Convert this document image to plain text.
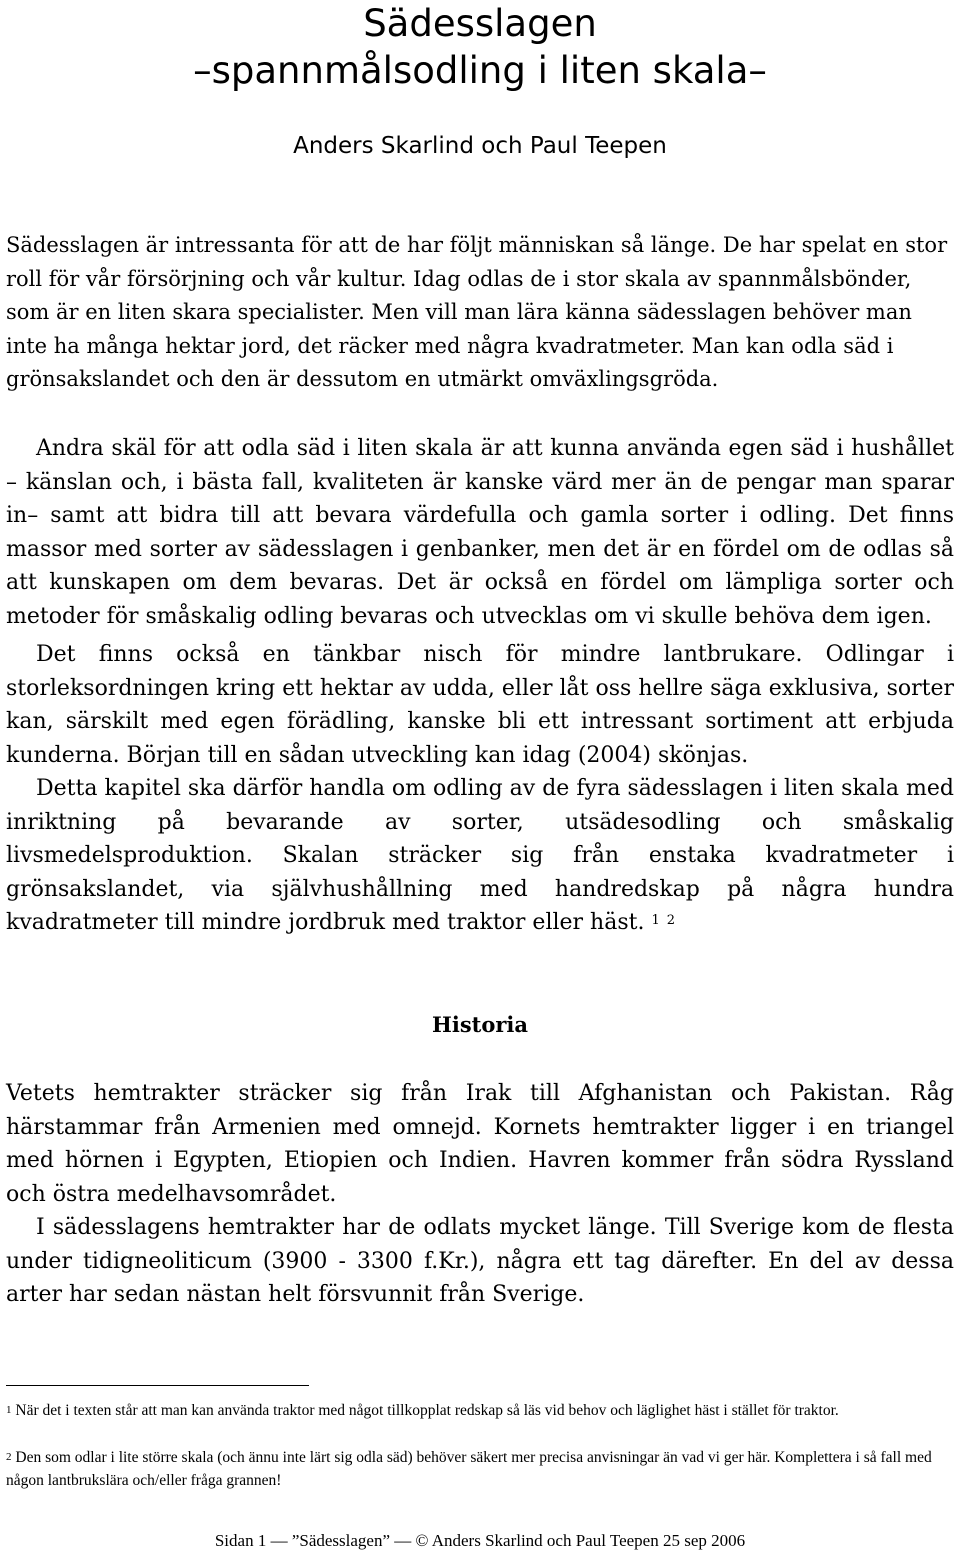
Sädesslagen
–spannmålsodling i liten skala–
Anders Skarlind och Paul Teepen

Sädesslagen är intressanta för att de har följt människan så länge. De har spelat en stor roll för vår försörjning och vår kultur. Idag odlas de i stor skala av spannmålsbönder, som är en liten skara specialister. Men vill man lära känna sädesslagen behöver man inte ha många hektar jord, det räcker med några kvadratmeter. Man kan odla säd i grönsakslandet och den är dessutom en utmärkt omväxlingsgröda.

Andra skäl för att odla säd i liten skala är att kunna använda egen säd i hushållet – känslan och, i bästa fall, kvaliteten är kanske värd mer än de pengar man sparar in– samt att bidra till att bevara värdefulla och gamla sorter i odling. Det finns massor med sorter av sädesslagen i genbanker, men det är en fördel om de odlas så att kunskapen om dem bevaras. Det är också en fördel om lämpliga sorter och metoder för småskalig odling bevaras och utvecklas om vi skulle behöva dem igen.

Det finns också en tänkbar nisch för mindre lantbrukare. Odlingar i storleksordningen kring ett hektar av udda, eller låt oss hellre säga exklusiva, sorter kan, särskilt med egen förädling, kanske bli ett intressant sortiment att erbjuda kunderna. Början till en sådan utveckling kan idag (2004) skönjas.

Detta kapitel ska därför handla om odling av de fyra sädesslagen i liten skala med inriktning på bevarande av sorter, utsädesodling och småskalig livsmedelsproduktion. Skalan sträcker sig från enstaka kvadratmeter i grönsakslandet, via självhushållning med handredskap på några hundra kvadratmeter till mindre jordbruk med traktor eller häst. $^1$ $^2$

Historia

Vetets hemtrakter sträcker sig från Irak till Afghanistan och Pakistan. Råg härstammar från Armenien med omnejd. Kornets hemtrakter ligger i en triangel med hörnen i Egypten, Etiopien och Indien. Havren kommer från södra Ryssland och östra medelhavsområdet.

I sädesslagens hemtrakter har de odlats mycket länge. Till Sverige kom de flesta under tidigneoliticum (3900 - 3300 f.Kr.), några ett tag därefter. En del av dessa arter har sedan nästan helt försvunnit från Sverige.

$^1$ När det i texten står att man kan använda traktor med något tillkopplat redskap så läs vid behov och läglighet häst i stället för traktor.

$^2$ Den som odlar i lite större skala (och ännu inte lärt sig odla säd) behöver säkert mer precisa anvisningar än vad vi ger här. Komplettera i så fall med någon lantbrukslära och/eller fråga grannen!

Sidan 1 — ”Sädesslagen” — © Anders Skarlind och Paul Teepen 25 sep 2006
